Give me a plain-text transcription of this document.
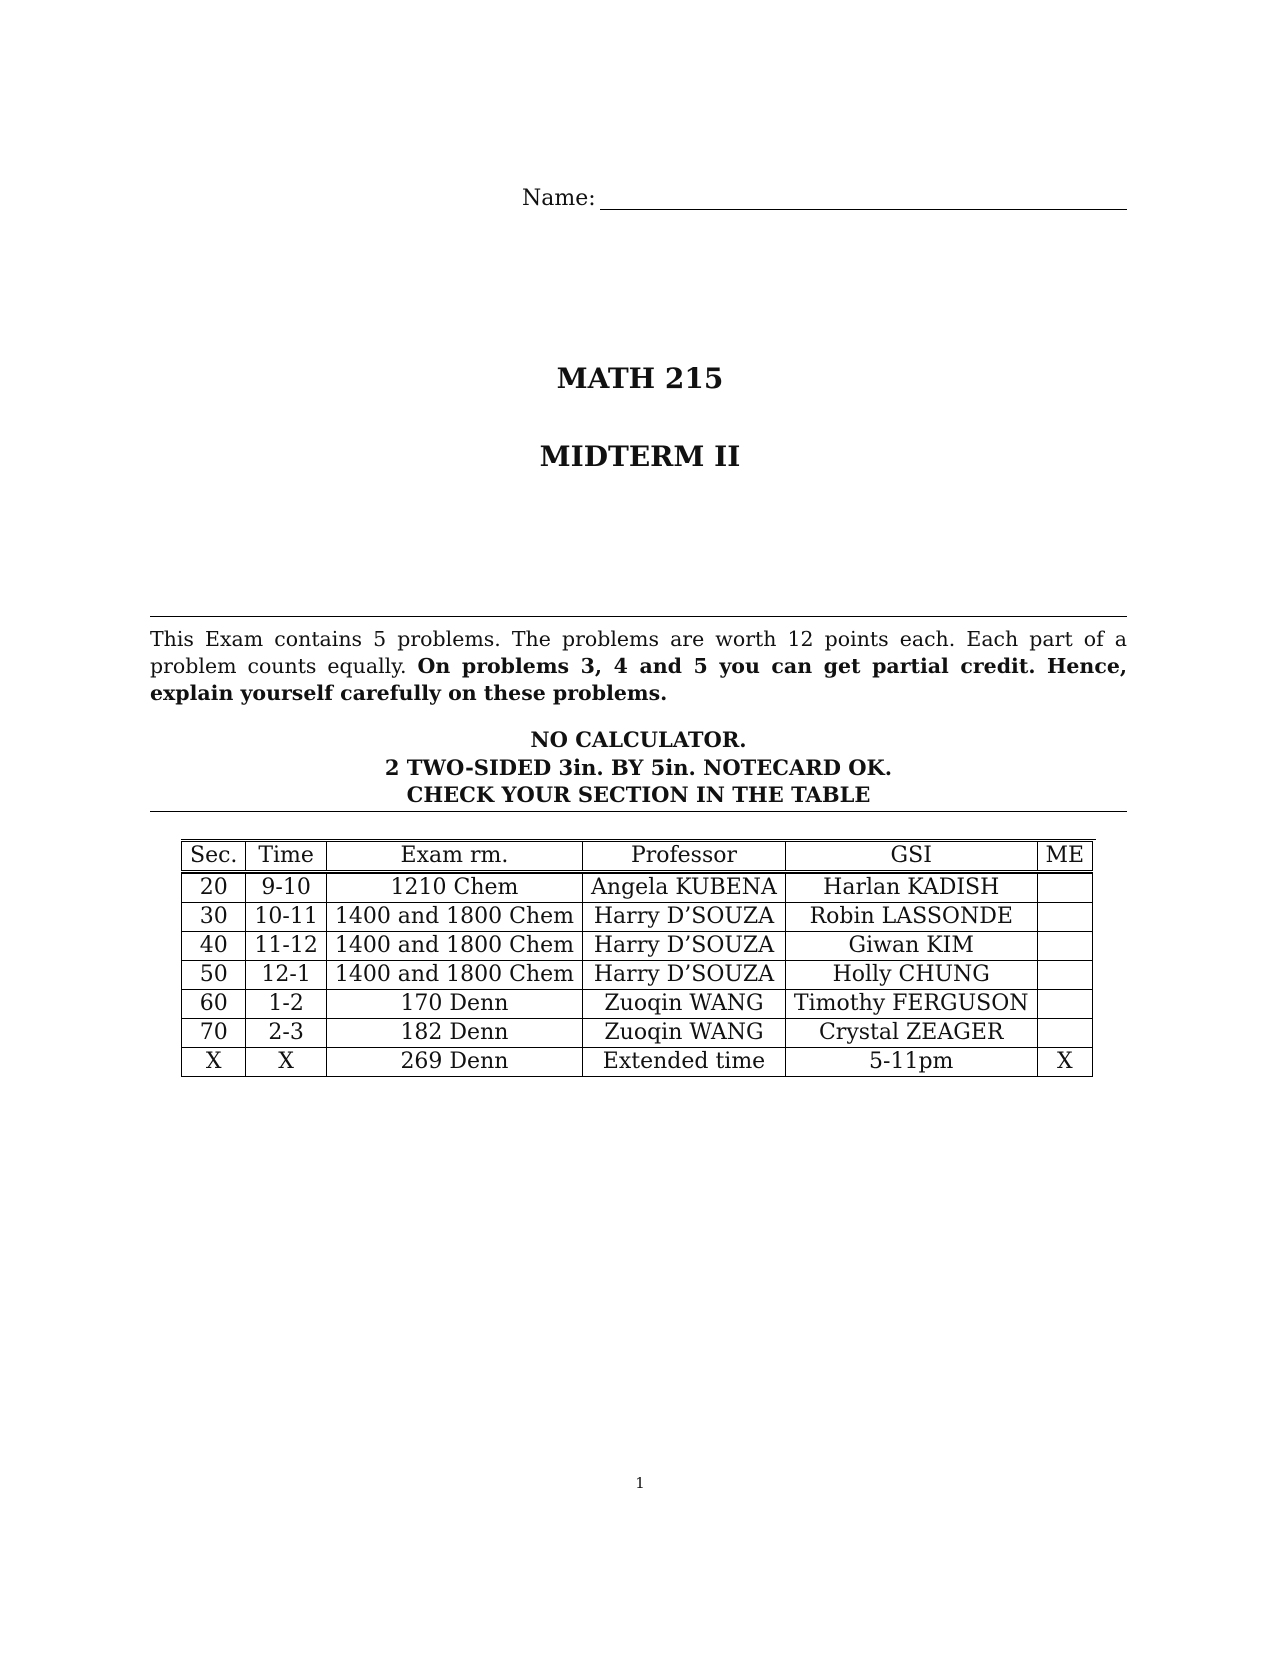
Name:
MATH 215
MIDTERM II

This Exam contains 5 problems. The problems are worth 12 points each. Each part of a problem counts equally. On problems 3, 4 and 5 you can get partial credit. Hence, explain yourself carefully on these problems.

NO CALCULATOR.
2 TWO-SIDED 3in. BY 5in. NOTECARD OK.
CHECK YOUR SECTION IN THE TABLE
Sec.	Time	Exam rm.	Professor	GSI	ME
20	9-10	1210 Chem	Angela KUBENA	Harlan KADISH	
30	10-11	1400 and 1800 Chem	Harry D’SOUZA	Robin LASSONDE	
40	11-12	1400 and 1800 Chem	Harry D’SOUZA	Giwan KIM	
50	12-1	1400 and 1800 Chem	Harry D’SOUZA	Holly CHUNG	
60	1-2	170 Denn	Zuoqin WANG	Timothy FERGUSON	
70	2-3	182 Denn	Zuoqin WANG	Crystal ZEAGER	
X	X	269 Denn	Extended time	5-11pm	X
1
